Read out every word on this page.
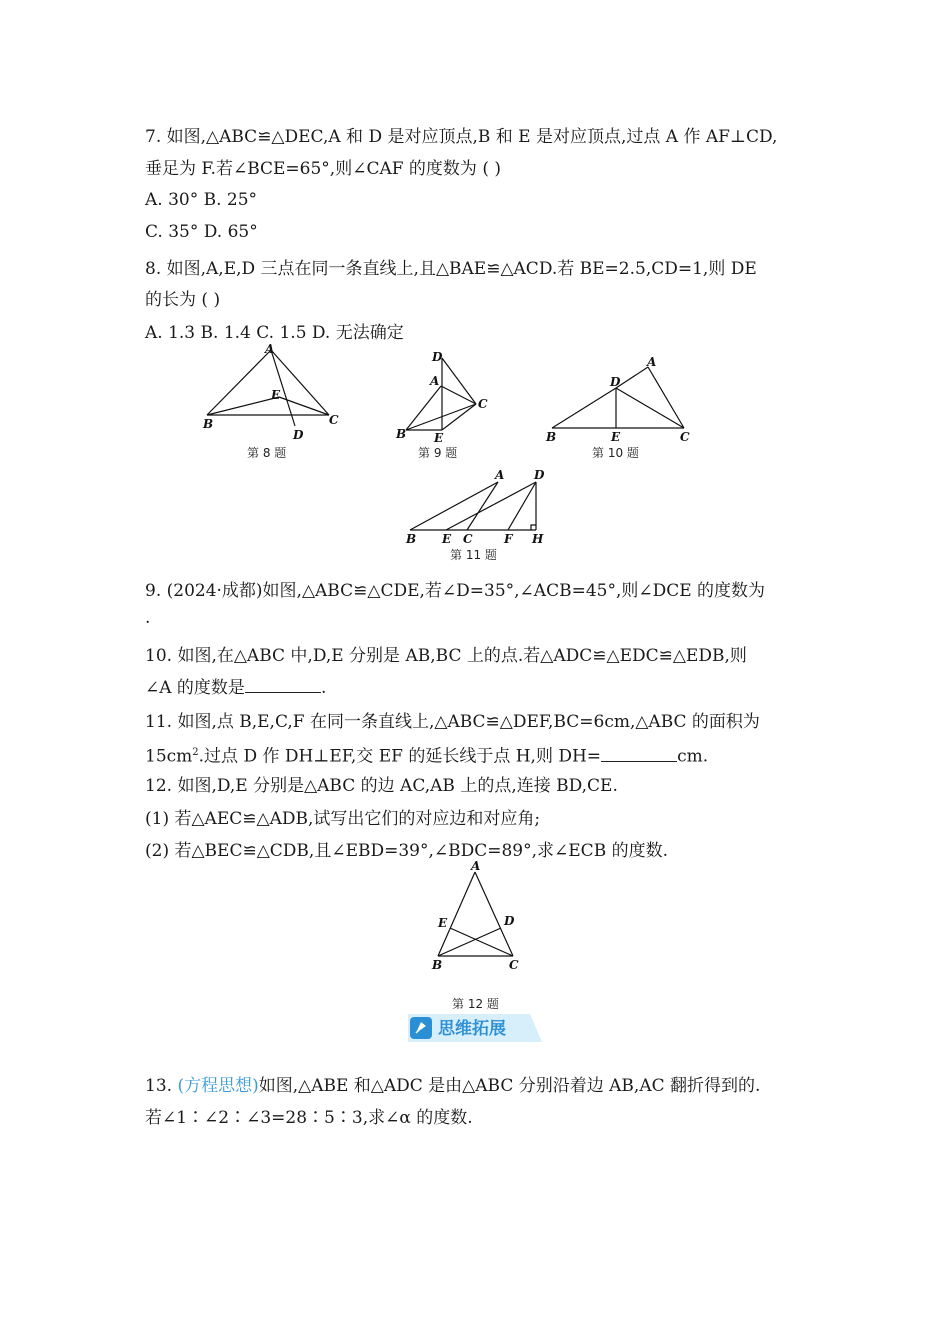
7. 如图,△ABC≌△DEC,A 和 D 是对应顶点,B 和 E 是对应顶点,过点 A 作 AF⊥CD,
垂足为 F.若∠BCE=65°,则∠CAF 的度数为 ( )
A. 30° B. 25°
C. 35° D. 65°
8. 如图,A,E,D 三点在同一条直线上,且△BAE≌△ACD.若 BE=2.5,CD=1,则 DE
的长为 ( )
A. 1.3 B. 1.4 C. 1.5 D. 无法确定
A
E
B	C
D
第 8 题
D
A
C
B E
第 9 题
A
D
B	E	C
第 10 题
A D
B E C	F H
第 11 题
9. (2024·成都)如图,△ABC≌△CDE,若∠D=35°,∠ACB=45°,则∠DCE 的度数为
.
10. 如图,在△ABC 中,D,E 分别是 AB,BC 上的点.若△ADC≌△EDC≌△EDB,则
∠A 的度数是	.
11. 如图,点 B,E,C,F 在同一条直线上,△ABC≌△DEF,BC=6cm,△ABC 的面积为
$15cm^2$.过点 D 作 DH⊥EF,交 EF 的延长线于点 H,则 DH=	cm.
12. 如图,D,E 分别是△ABC 的边 AC,AB 上的点,连接 BD,CE.
(1) 若△AEC≌△ADB,试写出它们的对应边和对应角;
(2) 若△BEC≌△CDB,且∠EBD=39°,∠BDC=89°,求∠ECB 的度数.
A
E	D
B	C
第 12 题
思维拓展
13. (方程思想)如图,△ABE 和△ADC 是由△ABC 分别沿着边 AB,AC 翻折得到的.
若∠1∶∠2∶∠3=28∶5∶3,求∠α 的度数.
